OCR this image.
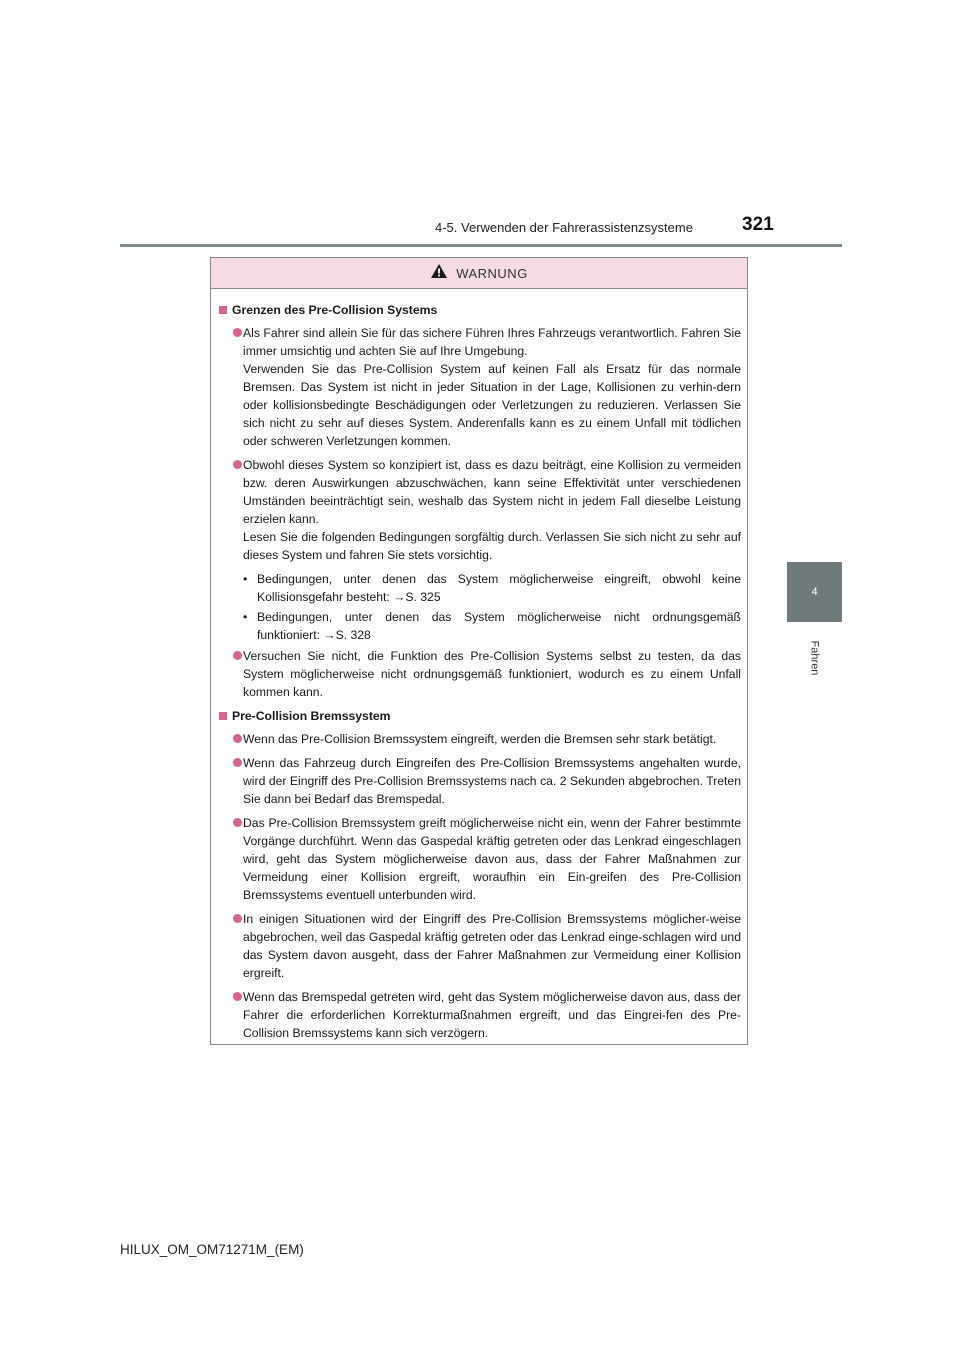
4-5. Verwenden der Fahrerassistenzsysteme	321
4
Fahren
WARNUNG
Grenzen des Pre-Collision Systems

Als Fahrer sind allein Sie für das sichere Führen Ihres Fahrzeugs verantwortlich. Fahren Sie immer umsichtig und achten Sie auf Ihre Umgebung.

Verwenden Sie das Pre-Collision System auf keinen Fall als Ersatz für das normale Bremsen. Das System ist nicht in jeder Situation in der Lage, Kollisionen zu verhin-dern oder kollisionsbedingte Beschädigungen oder Verletzungen zu reduzieren. Verlassen Sie sich nicht zu sehr auf dieses System. Anderenfalls kann es zu einem Unfall mit tödlichen oder schweren Verletzungen kommen.

Obwohl dieses System so konzipiert ist, dass es dazu beiträgt, eine Kollision zu vermeiden bzw. deren Auswirkungen abzuschwächen, kann seine Effektivität unter verschiedenen Umständen beeinträchtigt sein, weshalb das System nicht in jedem Fall dieselbe Leistung erzielen kann.

Lesen Sie die folgenden Bedingungen sorgfältig durch. Verlassen Sie sich nicht zu sehr auf dieses System und fahren Sie stets vorsichtig.

• Bedingungen, unter denen das System möglicherweise eingreift, obwohl keine Kollisionsgefahr besteht: →S. 325
• Bedingungen, unter denen das System möglicherweise nicht ordnungsgemäß funktioniert: →S. 328

Versuchen Sie nicht, die Funktion des Pre-Collision Systems selbst zu testen, da das System möglicherweise nicht ordnungsgemäß funktioniert, wodurch es zu einem Unfall kommen kann.

Pre-Collision Bremssystem

Wenn das Pre-Collision Bremssystem eingreift, werden die Bremsen sehr stark betätigt.

Wenn das Fahrzeug durch Eingreifen des Pre-Collision Bremssystems angehalten wurde, wird der Eingriff des Pre-Collision Bremssystems nach ca. 2 Sekunden abgebrochen. Treten Sie dann bei Bedarf das Bremspedal.

Das Pre-Collision Bremssystem greift möglicherweise nicht ein, wenn der Fahrer bestimmte Vorgänge durchführt. Wenn das Gaspedal kräftig getreten oder das Lenkrad eingeschlagen wird, geht das System möglicherweise davon aus, dass der Fahrer Maßnahmen zur Vermeidung einer Kollision ergreift, woraufhin ein Ein-greifen des Pre-Collision Bremssystems eventuell unterbunden wird.

In einigen Situationen wird der Eingriff des Pre-Collision Bremssystems möglicher-weise abgebrochen, weil das Gaspedal kräftig getreten oder das Lenkrad einge-schlagen wird und das System davon ausgeht, dass der Fahrer Maßnahmen zur Vermeidung einer Kollision ergreift.

Wenn das Bremspedal getreten wird, geht das System möglicherweise davon aus, dass der Fahrer die erforderlichen Korrekturmaßnahmen ergreift, und das Eingrei-fen des Pre-Collision Bremssystems kann sich verzögern.

HILUX_OM_OM71271M_(EM)
